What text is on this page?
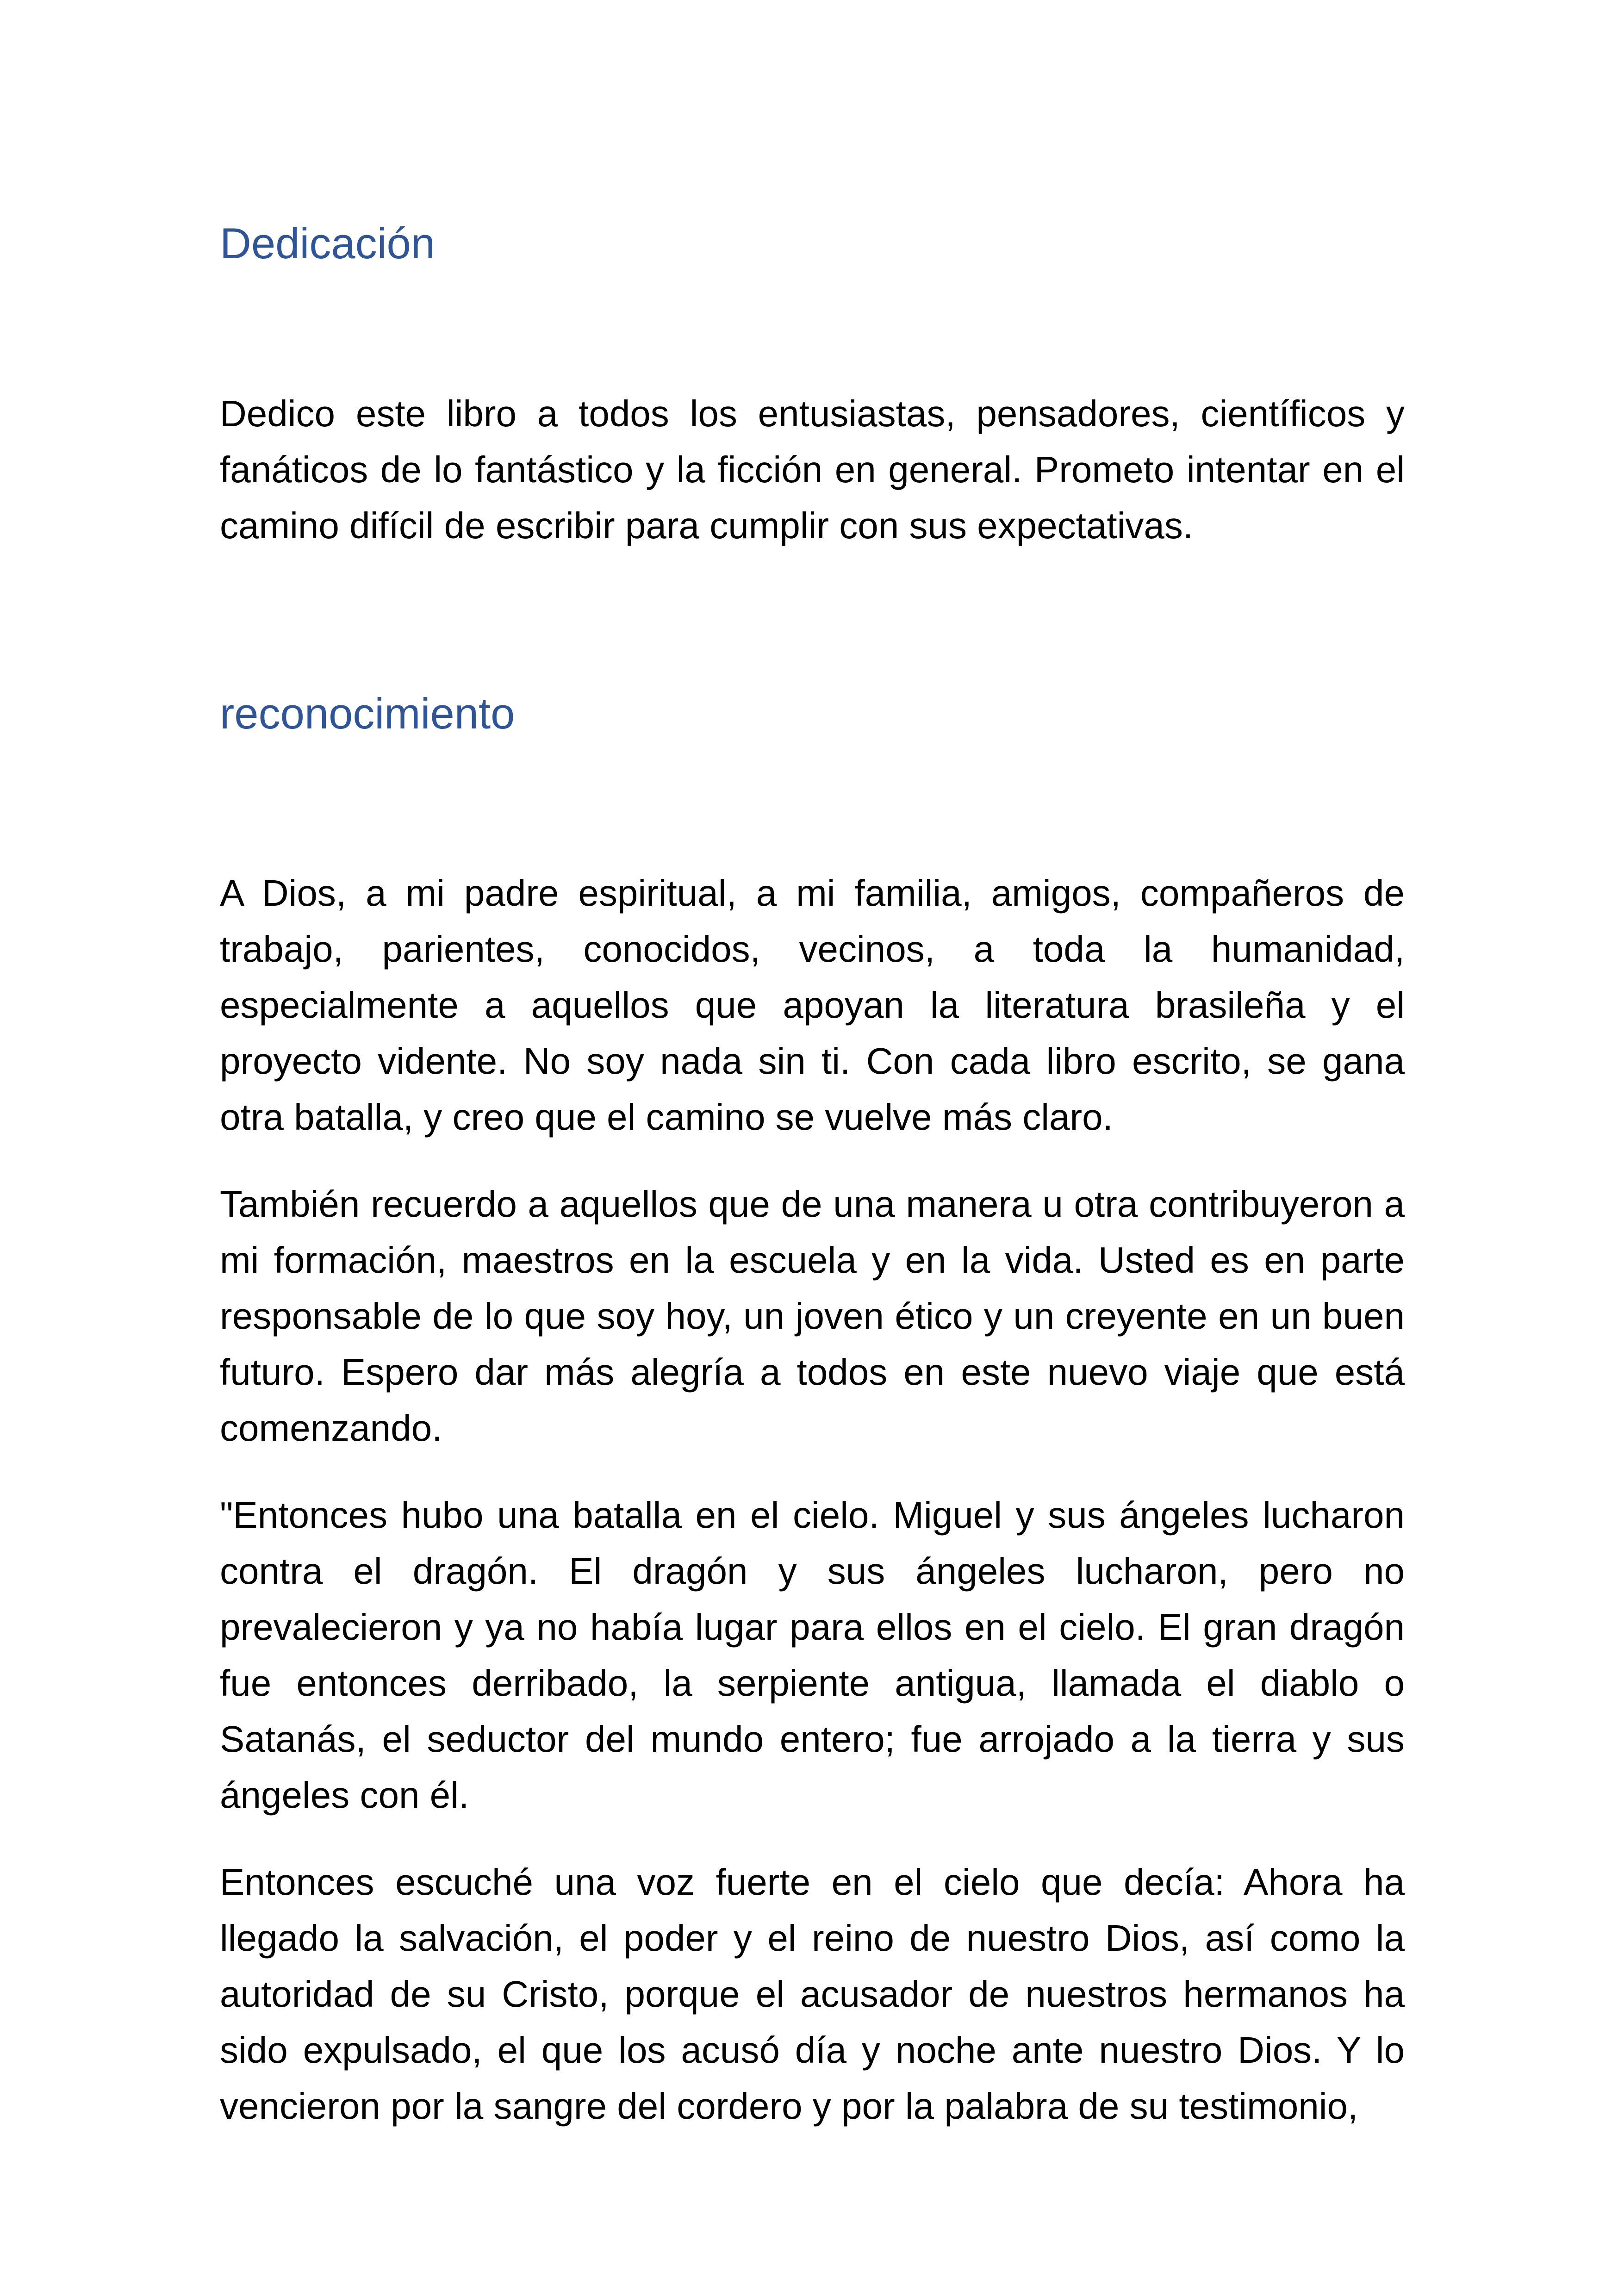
Dedicación

Dedico este libro a todos los entusiastas, pensadores, científicos y fanáticos de lo fantástico y la ficción en general. Prometo intentar en el camino difícil de escribir para cumplir con sus expectativas.

reconocimiento

A Dios, a mi padre espiritual, a mi familia, amigos, compañeros de trabajo, parientes, conocidos, vecinos, a toda la humanidad, especialmente a aquellos que apoyan la literatura brasileña y el proyecto vidente. No soy nada sin ti. Con cada libro escrito, se gana otra batalla, y creo que el camino se vuelve más claro.

También recuerdo a aquellos que de una manera u otra contribuyeron a mi formación, maestros en la escuela y en la vida. Usted es en parte responsable de lo que soy hoy, un joven ético y un creyente en un buen futuro. Espero dar más alegría a todos en este nuevo viaje que está comenzando.

"Entonces hubo una batalla en el cielo. Miguel y sus ángeles lucharon contra el dragón. El dragón y sus ángeles lucharon, pero no prevalecieron y ya no había lugar para ellos en el cielo. El gran dragón fue entonces derribado, la serpiente antigua, llamada el diablo o Satanás, el seductor del mundo entero; fue arrojado a la tierra y sus ángeles con él.

Entonces escuché una voz fuerte en el cielo que decía: Ahora ha llegado la salvación, el poder y el reino de nuestro Dios, así como la autoridad de su Cristo, porque el acusador de nuestros hermanos ha sido expulsado, el que los acusó día y noche ante nuestro Dios. Y lo vencieron por la sangre del cordero y por la palabra de su testimonio,
